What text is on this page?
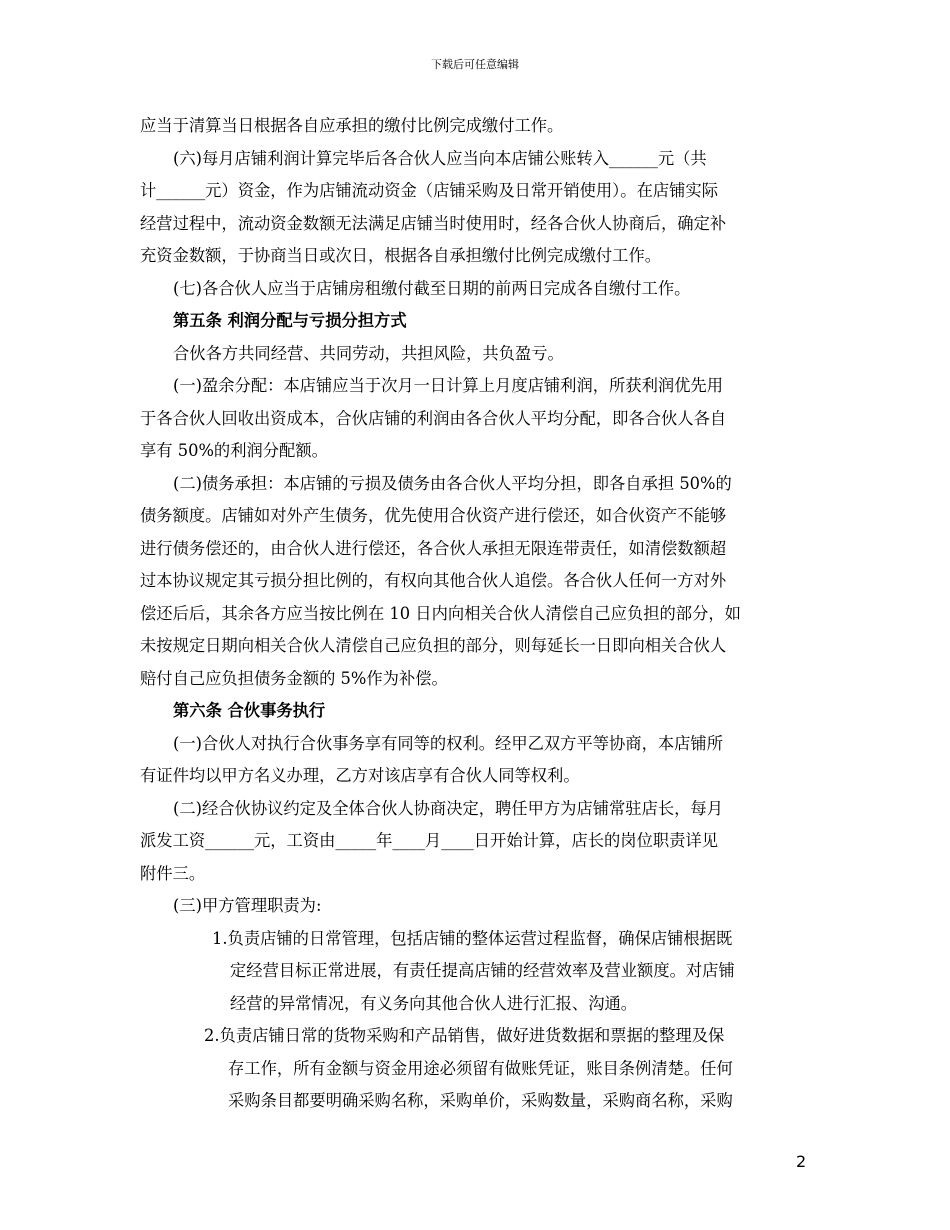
下载后可任意编辑
应当于清算当日根据各自应承担的缴付比例完成缴付工作。
(六)每月店铺利润计算完毕后各合伙人应当向本店铺公账转入______元（共
计______元）资金，作为店铺流动资金（店铺采购及日常开销使用）。在店铺实际
经营过程中，流动资金数额无法满足店铺当时使用时，经各合伙人协商后，确定补
充资金数额，于协商当日或次日，根据各自承担缴付比例完成缴付工作。
(七)各合伙人应当于店铺房租缴付截至日期的前两日完成各自缴付工作。
第五条 利润分配与亏损分担方式
合伙各方共同经营、共同劳动，共担风险，共负盈亏。
(一)盈余分配：本店铺应当于次月一日计算上月度店铺利润，所获利润优先用
于各合伙人回收出资成本，合伙店铺的利润由各合伙人平均分配，即各合伙人各自
享有 50%的利润分配额。
(二)债务承担：本店铺的亏损及债务由各合伙人平均分担，即各自承担 50%的
债务额度。店铺如对外产生债务，优先使用合伙资产进行偿还，如合伙资产不能够
进行债务偿还的，由合伙人进行偿还，各合伙人承担无限连带责任，如清偿数额超
过本协议规定其亏损分担比例的，有权向其他合伙人追偿。各合伙人任何一方对外
偿还后后，其余各方应当按比例在 10 日内向相关合伙人清偿自己应负担的部分，如
未按规定日期向相关合伙人清偿自己应负担的部分，则每延长一日即向相关合伙人
赔付自己应负担债务金额的 5%作为补偿。
第六条 合伙事务执行
(一)合伙人对执行合伙事务享有同等的权利。经甲乙双方平等协商，本店铺所
有证件均以甲方名义办理，乙方对该店享有合伙人同等权利。
(二)经合伙协议约定及全体合伙人协商决定，聘任甲方为店铺常驻店长，每月
派发工资______元，工资由_____年____月____日开始计算，店长的岗位职责详见
附件三。
(三)甲方管理职责为:
1.负责店铺的日常管理，包括店铺的整体运营过程监督，确保店铺根据既
定经营目标正常进展，有责任提高店铺的经营效率及营业额度。对店铺
经营的异常情况，有义务向其他合伙人进行汇报、沟通。
2.负责店铺日常的货物采购和产品销售，做好进货数据和票据的整理及保
存工作，所有金额与资金用途必须留有做账凭证，账目条例清楚。任何
采购条目都要明确采购名称，采购单价，采购数量，采购商名称，采购
2
